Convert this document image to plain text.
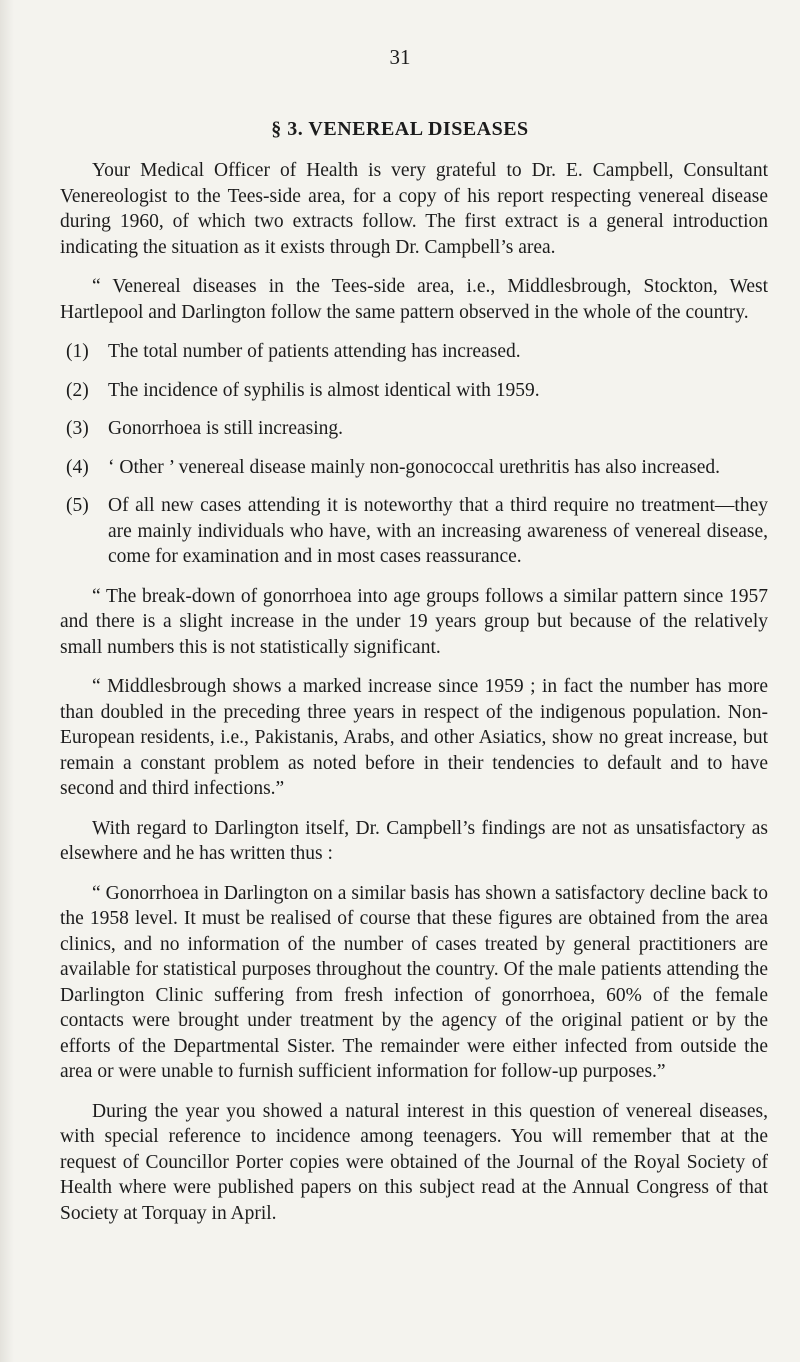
31
§ 3. VENEREAL DISEASES

Your Medical Officer of Health is very grateful to Dr. E. Campbell, Consultant Venereologist to the Tees-side area, for a copy of his report respecting venereal disease during 1960, of which two extracts follow. The first extract is a general introduction indicating the situation as it exists through Dr. Campbell’s area.

“ Venereal diseases in the Tees-side area, i.e., Middlesbrough, Stockton, West Hartlepool and Darlington follow the same pattern observed in the whole of the country.

(1) The total number of patients attending has increased.
(2) The incidence of syphilis is almost identical with 1959.
(3) Gonorrhoea is still increasing.
(4) ‘ Other ’ venereal disease mainly non-gonococcal urethritis has also increased.
(5) Of all new cases attending it is noteworthy that a third require no treatment—they are mainly individuals who have, with an increasing awareness of venereal disease, come for examination and in most cases reassurance.

“ The break-down of gonorrhoea into age groups follows a similar pattern since 1957 and there is a slight increase in the under 19 years group but because of the relatively small numbers this is not statistically significant.

“ Middlesbrough shows a marked increase since 1959 ; in fact the number has more than doubled in the preceding three years in respect of the indigenous population. Non-European residents, i.e., Pakistanis, Arabs, and other Asiatics, show no great increase, but remain a constant problem as noted before in their tendencies to default and to have second and third infections.”

With regard to Darlington itself, Dr. Campbell’s findings are not as unsatisfactory as elsewhere and he has written thus :

“ Gonorrhoea in Darlington on a similar basis has shown a satisfactory decline back to the 1958 level. It must be realised of course that these figures are obtained from the area clinics, and no information of the number of cases treated by general practitioners are available for statistical purposes throughout the country. Of the male patients attending the Darlington Clinic suffering from fresh infection of gonorrhoea, 60% of the female contacts were brought under treatment by the agency of the original patient or by the efforts of the Departmental Sister. The remainder were either infected from outside the area or were unable to furnish sufficient information for follow-up purposes.”

During the year you showed a natural interest in this question of venereal diseases, with special reference to incidence among teenagers. You will remember that at the request of Councillor Porter copies were obtained of the Journal of the Royal Society of Health where were published papers on this subject read at the Annual Congress of that Society at Torquay in April.
